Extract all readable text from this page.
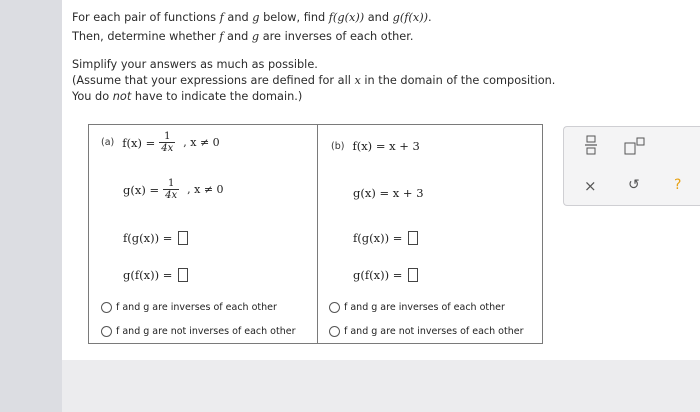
For each pair of functions f and g below, find f(g(x)) and g(f(x)).
Then, determine whether f and g are inverses of each other.
Simplify your answers as much as possible.
(Assume that your expressions are defined for all x in the domain of the composition.
You do not have to indicate the domain.)
(a) $f(x) = \frac{1}{4x}$ , x ≠ 0
$g(x) = \frac{1}{4x}$ , x ≠ 0
f(g(x)) =
g(f(x)) =
f and g are inverses of each other
f and g are not inverses of each other
(b) f(x) = x + 3
g(x) = x + 3
f(g(x)) =
g(f(x)) =
f and g are inverses of each other
f and g are not inverses of each other
× ↺ ?
